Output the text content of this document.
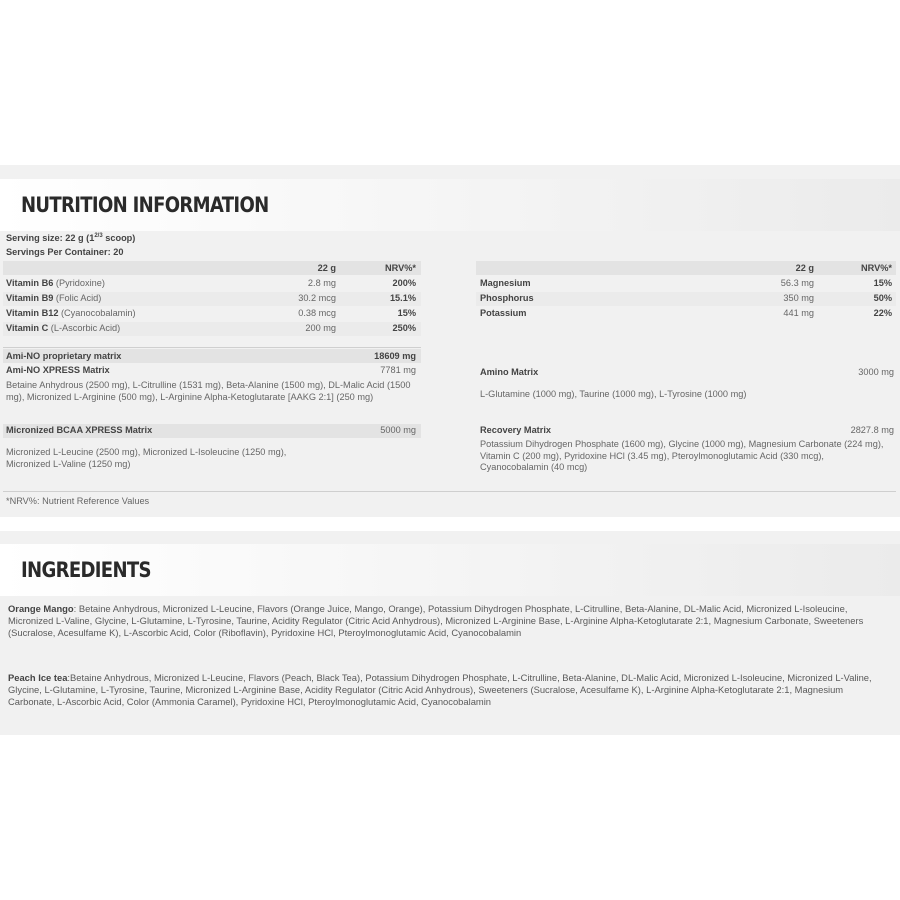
NUTRITION INFORMATION
Serving size: 22 g ($1^{2/3}$ scoop)
Servings Per Container: 20
22 g	NRV%*
Vitamin B6 (Pyridoxine)	2.8 mg	200%
Vitamin B9 (Folic Acid)	30.2 mcg	15.1%
Vitamin B12 (Cyanocobalamin)	0.38 mcg	15%
Vitamin C (L-Ascorbic Acid)	200 mg	250%
22 g	NRV%*
Magnesium	56.3 mg	15%
Phosphorus	350 mg	50%
Potassium	441 mg	22%
Ami-NO proprietary matrix	18609 mg
Ami-NO XPRESS Matrix	7781 mg
Betaine Anhydrous (2500 mg), L-Citrulline (1531 mg), Beta-Alanine (1500 mg), DL-Malic Acid (1500 mg), Micronized L-Arginine (500 mg), L-Arginine Alpha-Ketoglutarate [AAKG 2:1] (250 mg)
Micronized BCAA XPRESS Matrix	5000 mg
Micronized L-Leucine (2500 mg), Micronized L-Isoleucine (1250 mg), Micronized L-Valine (1250 mg)
Amino Matrix	3000 mg
L-Glutamine (1000 mg), Taurine (1000 mg), L-Tyrosine (1000 mg)
Recovery Matrix	2827.8 mg
Potassium Dihydrogen Phosphate (1600 mg), Glycine (1000 mg), Magnesium Carbonate (224 mg), Vitamin C (200 mg), Pyridoxine HCl (3.45 mg), Pteroylmonoglutamic Acid (330 mcg), Cyanocobalamin (40 mcg)
*NRV%: Nutrient Reference Values
INGREDIENTS
Orange Mango: Betaine Anhydrous, Micronized L-Leucine, Flavors (Orange Juice, Mango, Orange), Potassium Dihydrogen Phosphate, L-Citrulline, Beta-Alanine, DL-Malic Acid, Micronized L-Isoleucine, Micronized L-Valine, Glycine, L-Glutamine, L-Tyrosine, Taurine, Acidity Regulator (Citric Acid Anhydrous), Micronized L-Arginine Base, L-Arginine Alpha-Ketoglutarate 2:1, Magnesium Carbonate, Sweeteners (Sucralose, Acesulfame K), L-Ascorbic Acid, Color (Riboflavin), Pyridoxine HCl, Pteroylmonoglutamic Acid, Cyanocobalamin
Peach Ice tea:Betaine Anhydrous, Micronized L-Leucine, Flavors (Peach, Black Tea), Potassium Dihydrogen Phosphate, L-Citrulline, Beta-Alanine, DL-Malic Acid, Micronized L-Isoleucine, Micronized L-Valine, Glycine, L-Glutamine, L-Tyrosine, Taurine, Micronized L-Arginine Base, Acidity Regulator (Citric Acid Anhydrous), Sweeteners (Sucralose, Acesulfame K), L-Arginine Alpha-Ketoglutarate 2:1, Magnesium Carbonate, L-Ascorbic Acid, Color (Ammonia Caramel), Pyridoxine HCl, Pteroylmonoglutamic Acid, Cyanocobalamin
